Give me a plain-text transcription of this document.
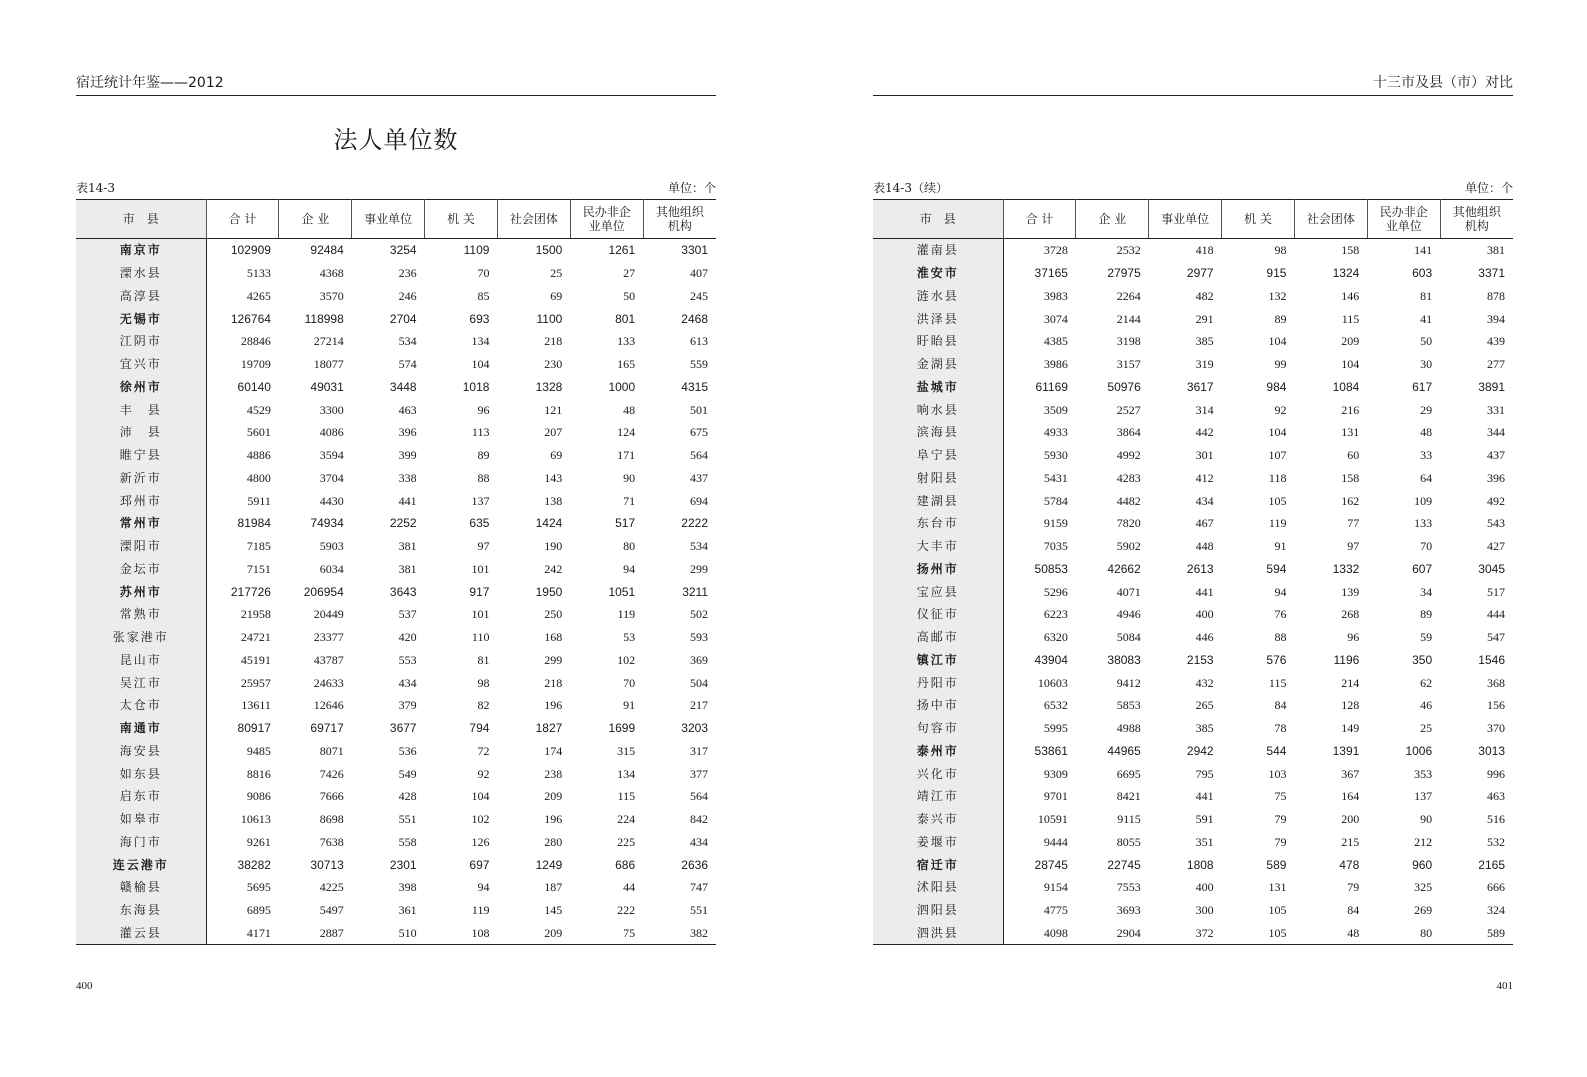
宿迁统计年鉴——2012
法人单位数
表14-3	单位：个
市　县	合 计	企 业	事业单位	机 关	社会团体	民办非企
业单位	其他组织
机构
南京市	102909	92484	3254	1109	1500	1261	3301
溧水县	5133	4368	236	70	25	27	407
高淳县	4265	3570	246	85	69	50	245
无锡市	126764	118998	2704	693	1100	801	2468
江阴市	28846	27214	534	134	218	133	613
宜兴市	19709	18077	574	104	230	165	559
徐州市	60140	49031	3448	1018	1328	1000	4315
丰　县	4529	3300	463	96	121	48	501
沛　县	5601	4086	396	113	207	124	675
睢宁县	4886	3594	399	89	69	171	564
新沂市	4800	3704	338	88	143	90	437
邳州市	5911	4430	441	137	138	71	694
常州市	81984	74934	2252	635	1424	517	2222
溧阳市	7185	5903	381	97	190	80	534
金坛市	7151	6034	381	101	242	94	299
苏州市	217726	206954	3643	917	1950	1051	3211
常熟市	21958	20449	537	101	250	119	502
张家港市	24721	23377	420	110	168	53	593
昆山市	45191	43787	553	81	299	102	369
吴江市	25957	24633	434	98	218	70	504
太仓市	13611	12646	379	82	196	91	217
南通市	80917	69717	3677	794	1827	1699	3203
海安县	9485	8071	536	72	174	315	317
如东县	8816	7426	549	92	238	134	377
启东市	9086	7666	428	104	209	115	564
如皋市	10613	8698	551	102	196	224	842
海门市	9261	7638	558	126	280	225	434
连云港市	38282	30713	2301	697	1249	686	2636
赣榆县	5695	4225	398	94	187	44	747
东海县	6895	5497	361	119	145	222	551
灌云县	4171	2887	510	108	209	75	382
400
十三市及县（市）对比
表14-3（续）	单位：个
市　县	合 计	企 业	事业单位	机 关	社会团体	民办非企
业单位	其他组织
机构
灌南县	3728	2532	418	98	158	141	381
淮安市	37165	27975	2977	915	1324	603	3371
涟水县	3983	2264	482	132	146	81	878
洪泽县	3074	2144	291	89	115	41	394
盱眙县	4385	3198	385	104	209	50	439
金湖县	3986	3157	319	99	104	30	277
盐城市	61169	50976	3617	984	1084	617	3891
响水县	3509	2527	314	92	216	29	331
滨海县	4933	3864	442	104	131	48	344
阜宁县	5930	4992	301	107	60	33	437
射阳县	5431	4283	412	118	158	64	396
建湖县	5784	4482	434	105	162	109	492
东台市	9159	7820	467	119	77	133	543
大丰市	7035	5902	448	91	97	70	427
扬州市	50853	42662	2613	594	1332	607	3045
宝应县	5296	4071	441	94	139	34	517
仪征市	6223	4946	400	76	268	89	444
高邮市	6320	5084	446	88	96	59	547
镇江市	43904	38083	2153	576	1196	350	1546
丹阳市	10603	9412	432	115	214	62	368
扬中市	6532	5853	265	84	128	46	156
句容市	5995	4988	385	78	149	25	370
泰州市	53861	44965	2942	544	1391	1006	3013
兴化市	9309	6695	795	103	367	353	996
靖江市	9701	8421	441	75	164	137	463
泰兴市	10591	9115	591	79	200	90	516
姜堰市	9444	8055	351	79	215	212	532
宿迁市	28745	22745	1808	589	478	960	2165
沭阳县	9154	7553	400	131	79	325	666
泗阳县	4775	3693	300	105	84	269	324
泗洪县	4098	2904	372	105	48	80	589
401
